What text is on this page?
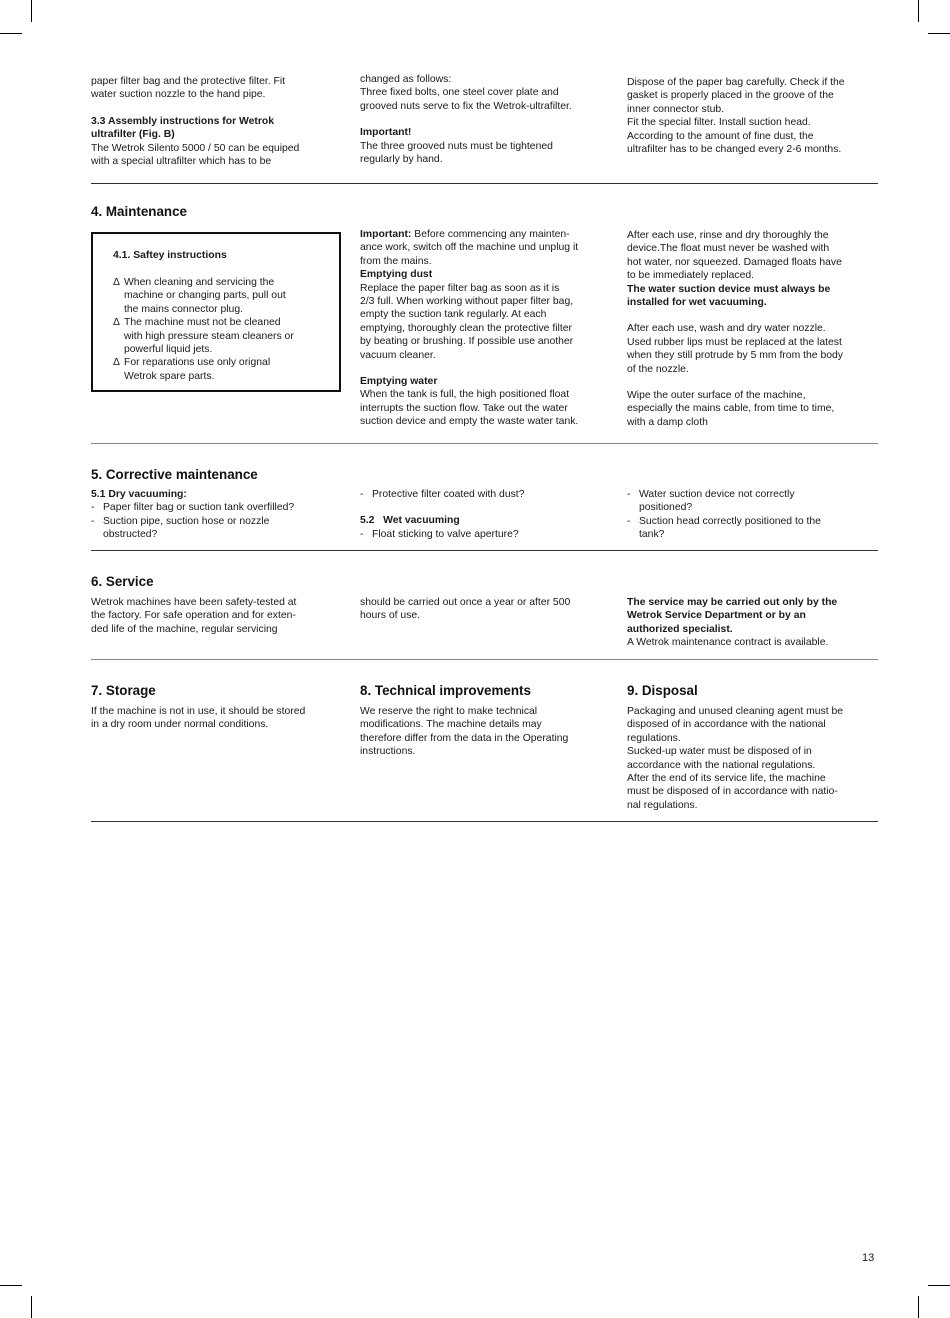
paper filter bag and the protective filter. Fit

water suction nozzle to the hand pipe.

3.3 Assembly instructions for Wetrok

ultrafilter (Fig. B)

The Wetrok Silento 5000 / 50 can be equiped

with a special ultrafilter which has to be

changed as follows:

Three fixed bolts, one steel cover plate and

grooved nuts serve to fix the Wetrok-ultrafilter.

Important!

The three grooved nuts must be tightened

regularly by hand.

Dispose of the paper bag carefully. Check if the

gasket is properly placed in the groove of the

inner connector stub.

Fit the special filter. Install suction head.

According to the amount of fine dust, the

ultrafilter has to be changed every 2-6 months.

4. Maintenance
4.1. Saftey instructions
Δ When cleaning and servicing the
machine or changing parts, pull out
the mains connector plug.
Δ The machine must not be cleaned
with high pressure steam cleaners or
powerful liquid jets.
Δ For reparations use only orignal
Wetrok spare parts.

Important: Before commencing any mainten-

ance work, switch off the machine und unplug it

from the mains.

Emptying dust

Replace the paper filter bag as soon as it is

2/3 full. When working without paper filter bag,

empty the suction tank regularly. At each

emptying, thoroughly clean the protective filter

by beating or brushing. If possible use another

vacuum cleaner.

Emptying water

When the tank is full, the high positioned float

interrupts the suction flow. Take out the water

suction device and empty the waste water tank.

After each use, rinse and dry thoroughly the

device.The float must never be washed with

hot water, nor squeezed. Damaged floats have

to be immediately replaced.

The water suction device must always be

installed for wet vacuuming.

After each use, wash and dry water nozzle.

Used rubber lips must be replaced at the latest

when they still protrude by 5 mm from the body

of the nozzle.

Wipe the outer surface of the machine,

especially the mains cable, from time to time,

with a damp cloth

5. Corrective maintenance

5.1 Dry vacuuming:

- Paper filter bag or suction tank overfilled?
- Suction pipe, suction hose or nozzle
obstructed?
- Protective filter coated with dust?

5.2 Wet vacuuming

- Float sticking to valve aperture?
- Water suction device not correctly
positioned?
- Suction head correctly positioned to the
tank?
6. Service

Wetrok machines have been safety-tested at

the factory. For safe operation and for exten-

ded life of the machine, regular servicing

should be carried out once a year or after 500

hours of use.

The service may be carried out only by the

Wetrok Service Department or by an

authorized specialist.

A Wetrok maintenance contract is available.

7. Storage

If the machine is not in use, it should be stored

in a dry room under normal conditions.

8. Technical improvements

We reserve the right to make technical

modifications. The machine details may

therefore differ from the data in the Operating

instructions.

9. Disposal

Packaging and unused cleaning agent must be

disposed of in accordance with the national

regulations.

Sucked-up water must be disposed of in

accordance with the national regulations.

After the end of its service life, the machine

must be disposed of in accordance with natio-

nal regulations.

13
